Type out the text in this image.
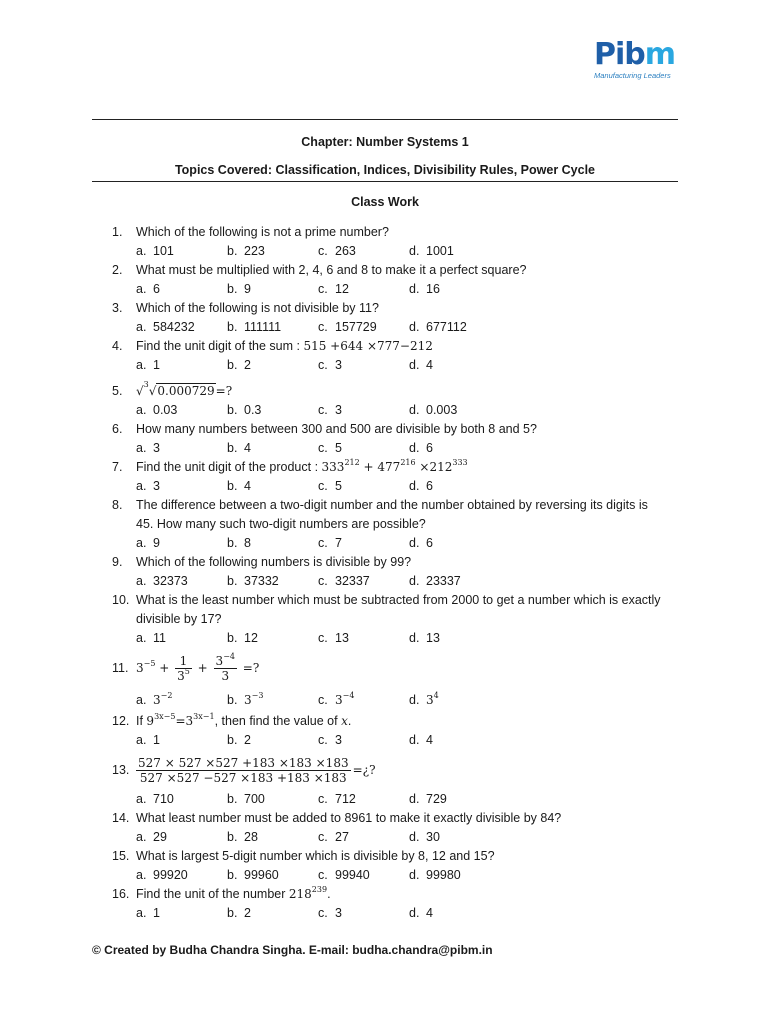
Pib m
Manufacturing Leaders
Chapter: Number Systems 1
Topics Covered: Classification, Indices, Divisibility Rules, Power Cycle
Class Work
1.	Which of the following is not a prime number?
a. 101	b. 223	c. 263	d. 1001
2.	What must be multiplied with 2, 4, 6 and 8 to make it a perfect square?
a. 6	b. 9	c. 12	d. 16
3.	Which of the following is not divisible by 11?
a. 584232	b. 111111	c. 157729	d. 677112
4.	Find the unit digit of the sum : 515 +644 ×777−212
a. 1	b. 2	c. 3	d. 4
5.	√$^3$√0.000729=?
a. 0.03	b. 0.3	c. 3	d. 0.003
6.	How many numbers between 300 and 500 are divisible by both 8 and 5?
a. 3	b. 4	c. 5	d. 6
7.	Find the unit digit of the product : $333^{212} + 477^{216} \times 212^{333}$
a. 3	b. 4	c. 5	d. 6
8.	The difference between a two-digit number and the number obtained by reversing its digits is
45. How many such two-digit numbers are possible?
a. 9	b. 8	c. 7	d. 6
9.	Which of the following numbers is divisible by 99?
a. 32373	b. 37332	c. 32337	d. 23337
10. What is the least number which must be subtracted from 2000 to get a number which is exactly
divisible by 17?
a. 11	b. 12	c. 13	d. 13
11. $3^{-5} + \frac{1}{3^5} + \frac{3^{-4}}{3}$ =?
a. $3^{-2}$	b. $3^{-3}$	c. $3^{-4}$	d. $3^4$
12. If $9^{3x-5}=3^{3x-1}$, then find the value of x.
a. 1	b. 2	c. 3	d. 4
13. $\frac{527 \times 527 \times 527 +183 \times 183 \times 183}{527 \times 527 -527 \times 183 +183 \times 183}$ =¿?
a. 710	b. 700	c. 712	d. 729
14. What least number must be added to 8961 to make it exactly divisible by 84?
a. 29	b. 28	c. 27	d. 30
15. What is largest 5-digit number which is divisible by 8, 12 and 15?
a. 99920	b. 99960	c. 99940	d. 99980
16. Find the unit of the number $218^{239}$.
a. 1	b. 2	c. 3	d. 4
© Created by Budha Chandra Singha. E-mail: budha.chandra@pibm.in
